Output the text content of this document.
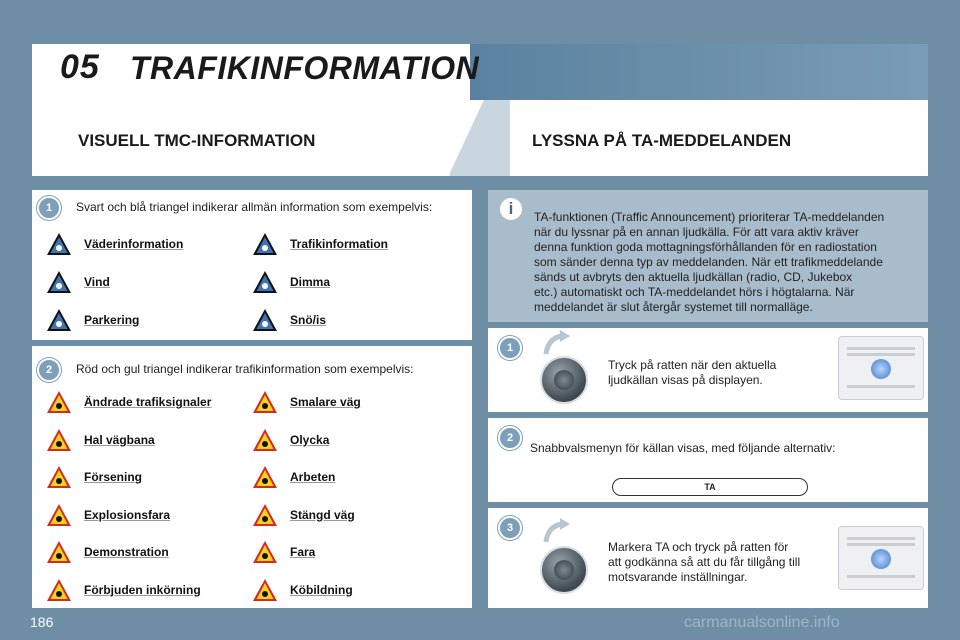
05 TRAFIKINFORMATION
VISUELL TMC-INFORMATION	LYSSNA PÅ TA-MEDDELANDEN
1	Svart och blå triangel indikerar allmän information som exempelvis:
Väderinformation	Trafikinformation
Vind	Dimma
Parkering	Snö/is
2	Röd och gul triangel indikerar trafikinformation som exempelvis:
Ändrade trafiksignaler	Smalare väg
Hal vägbana	Olycka
Försening	Arbeten
Explosionsfara	Stängd väg
Demonstration	Fara
Förbjuden inkörning	Köbildning
i	TA-funktionen (Traffic Announcement) prioriterar TA-meddelanden
när du lyssnar på en annan ljudkälla. För att vara aktiv kräver
denna funktion goda mottagningsförhållanden för en radiostation
som sänder denna typ av meddelanden. När ett trafikmeddelande
sänds ut avbryts den aktuella ljudkällan (radio, CD, Jukebox
etc.) automatiskt och TA-meddelandet hörs i högtalarna. När
meddelandet är slut återgår systemet till normalläge.
1
Tryck på ratten när den aktuella
ljudkällan visas på displayen.
2
Snabbvalsmenyn för källan visas, med följande alternativ:
TA
3
Markera TA och tryck på ratten för
att godkänna så att du får tillgång till
motsvarande inställningar.
186	carmanualsonline.info
